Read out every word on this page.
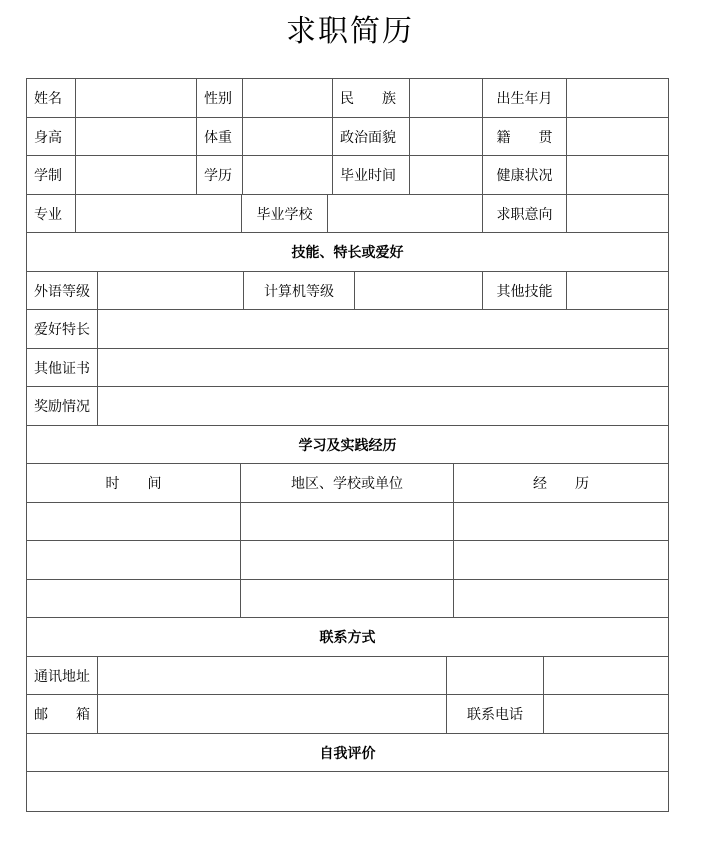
求职简历
姓名	性别	民　　族	出生年月
身高	体重	政治面貌	籍　　贯
学制	学历	毕业时间	健康状况
专业	毕业学校	求职意向
技能、特长或爱好
外语等级	计算机等级	其他技能
爱好特长
其他证书
奖励情况
学习及实践经历
时　　间	地区、学校或单位	经　　历
联系方式
通讯地址
邮　　箱	联系电话
自我评价
